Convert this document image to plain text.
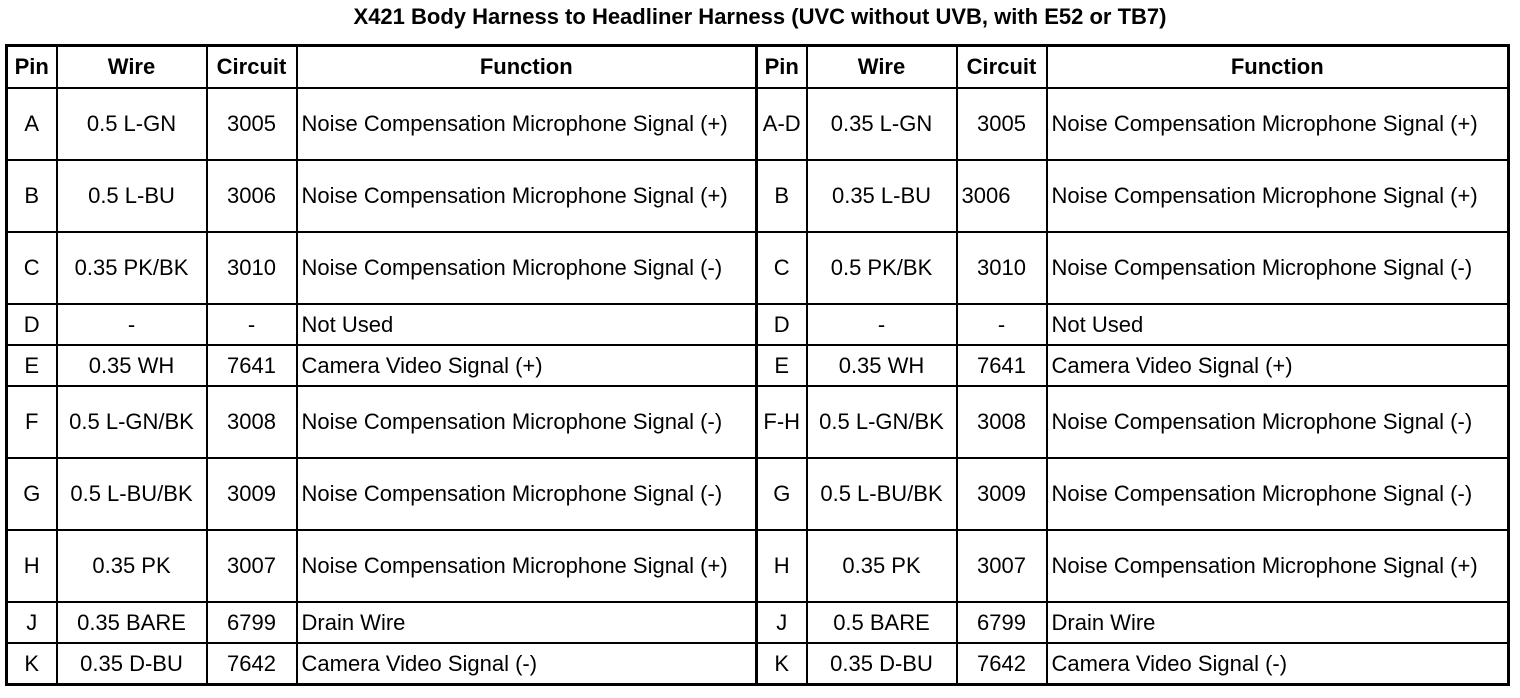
X421 Body Harness to Headliner Harness (UVC without UVB, with E52 or TB7)
Pin	Wire	Circuit	Function	Pin	Wire	Circuit	Function
A	0.5 L-GN	3005	Noise Compensation Microphone Signal (+)	A-D	0.35 L-GN	3005	Noise Compensation Microphone Signal (+)
B	0.5 L-BU	3006	Noise Compensation Microphone Signal (+)	B	0.35 L-BU	3006	Noise Compensation Microphone Signal (+)
C	0.35 PK/BK	3010	Noise Compensation Microphone Signal (-)	C	0.5 PK/BK	3010	Noise Compensation Microphone Signal (-)
D	-	-	Not Used	D	-	-	Not Used
E	0.35 WH	7641	Camera Video Signal (+)	E	0.35 WH	7641	Camera Video Signal (+)
F	0.5 L-GN/BK	3008	Noise Compensation Microphone Signal (-)	F-H	0.5 L-GN/BK	3008	Noise Compensation Microphone Signal (-)
G	0.5 L-BU/BK	3009	Noise Compensation Microphone Signal (-)	G	0.5 L-BU/BK	3009	Noise Compensation Microphone Signal (-)
H	0.35 PK	3007	Noise Compensation Microphone Signal (+)	H	0.35 PK	3007	Noise Compensation Microphone Signal (+)
J	0.35 BARE	6799	Drain Wire	J	0.5 BARE	6799	Drain Wire
K	0.35 D-BU	7642	Camera Video Signal (-)	K	0.35 D-BU	7642	Camera Video Signal (-)
